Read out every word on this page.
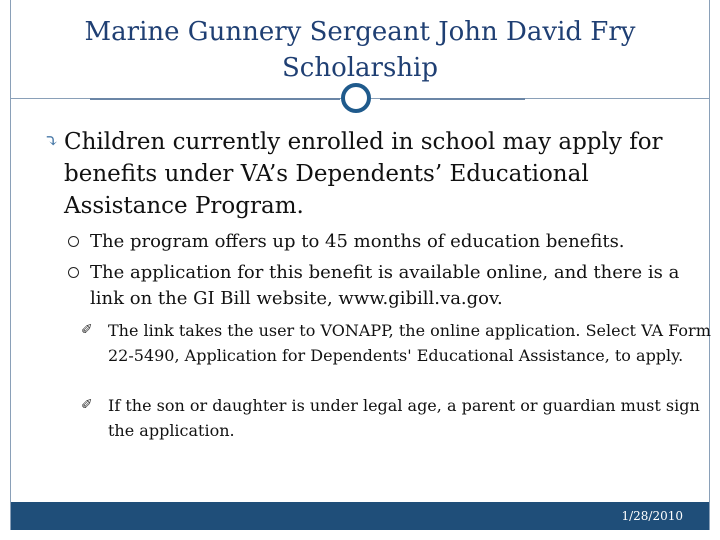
Marine Gunnery Sergeant John David Fry Scholarship
⤵ Children currently enrolled in school may apply for benefits under VA’s Dependents’ Educational Assistance Program.
The program offers up to 45 months of education benefits.
The application for this benefit is available online, and there is a link on the GI Bill website, www.gibill.va.gov.
✐ The link takes the user to VONAPP, the online application. Select VA Form 22-5490, Application for Dependents' Educational Assistance, to apply.
✐ If the son or daughter is under legal age, a parent or guardian must sign the application.
1/28/2010
